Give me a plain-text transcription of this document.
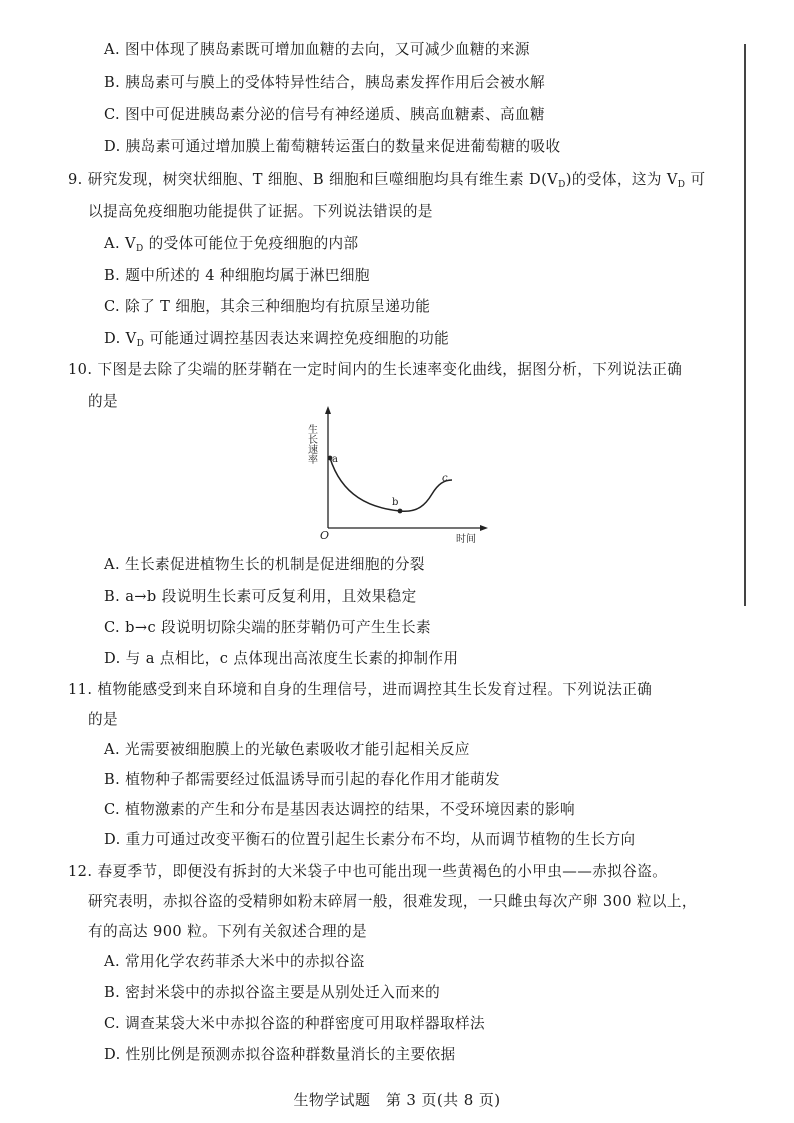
A. 图中体现了胰岛素既可增加血糖的去向，又可减少血糖的来源
B. 胰岛素可与膜上的受体特异性结合，胰岛素发挥作用后会被水解
C. 图中可促进胰岛素分泌的信号有神经递质、胰高血糖素、高血糖
D. 胰岛素可通过增加膜上葡萄糖转运蛋白的数量来促进葡萄糖的吸收
9. 研究发现，树突状细胞、T 细胞、B 细胞和巨噬细胞均具有维生素 $D(V_D)$的受体，这为 $V_D$ 可
以提高免疫细胞功能提供了证据。下列说法错误的是
A. $V_D$ 的受体可能位于免疫细胞的内部
B. 题中所述的 4 种细胞均属于淋巴细胞
C. 除了 T 细胞，其余三种细胞均有抗原呈递功能
D. $V_D$ 可能通过调控基因表达来调控免疫细胞的功能
10. 下图是去除了尖端的胚芽鞘在一定时间内的生长速率变化曲线，据图分析，下列说法正确
的是
生长速率
时间
O
a
b
c
A. 生长素促进植物生长的机制是促进细胞的分裂
B. a→b 段说明生长素可反复利用，且效果稳定
C. b→c 段说明切除尖端的胚芽鞘仍可产生生长素
D. 与 a 点相比，c 点体现出高浓度生长素的抑制作用
11. 植物能感受到来自环境和自身的生理信号，进而调控其生长发育过程。下列说法正确
的是
A. 光需要被细胞膜上的光敏色素吸收才能引起相关反应
B. 植物种子都需要经过低温诱导而引起的春化作用才能萌发
C. 植物激素的产生和分布是基因表达调控的结果，不受环境因素的影响
D. 重力可通过改变平衡石的位置引起生长素分布不均，从而调节植物的生长方向
12. 春夏季节，即便没有拆封的大米袋子中也可能出现一些黄褐色的小甲虫——赤拟谷盗。
研究表明，赤拟谷盗的受精卵如粉末碎屑一般，很难发现，一只雌虫每次产卵 300 粒以上，
有的高达 900 粒。下列有关叙述合理的是
A. 常用化学农药菲杀大米中的赤拟谷盗
B. 密封米袋中的赤拟谷盗主要是从别处迁入而来的
C. 调查某袋大米中赤拟谷盗的种群密度可用取样器取样法
D. 性别比例是预测赤拟谷盗种群数量消长的主要依据
生物学试题　第 3 页(共 8 页)
